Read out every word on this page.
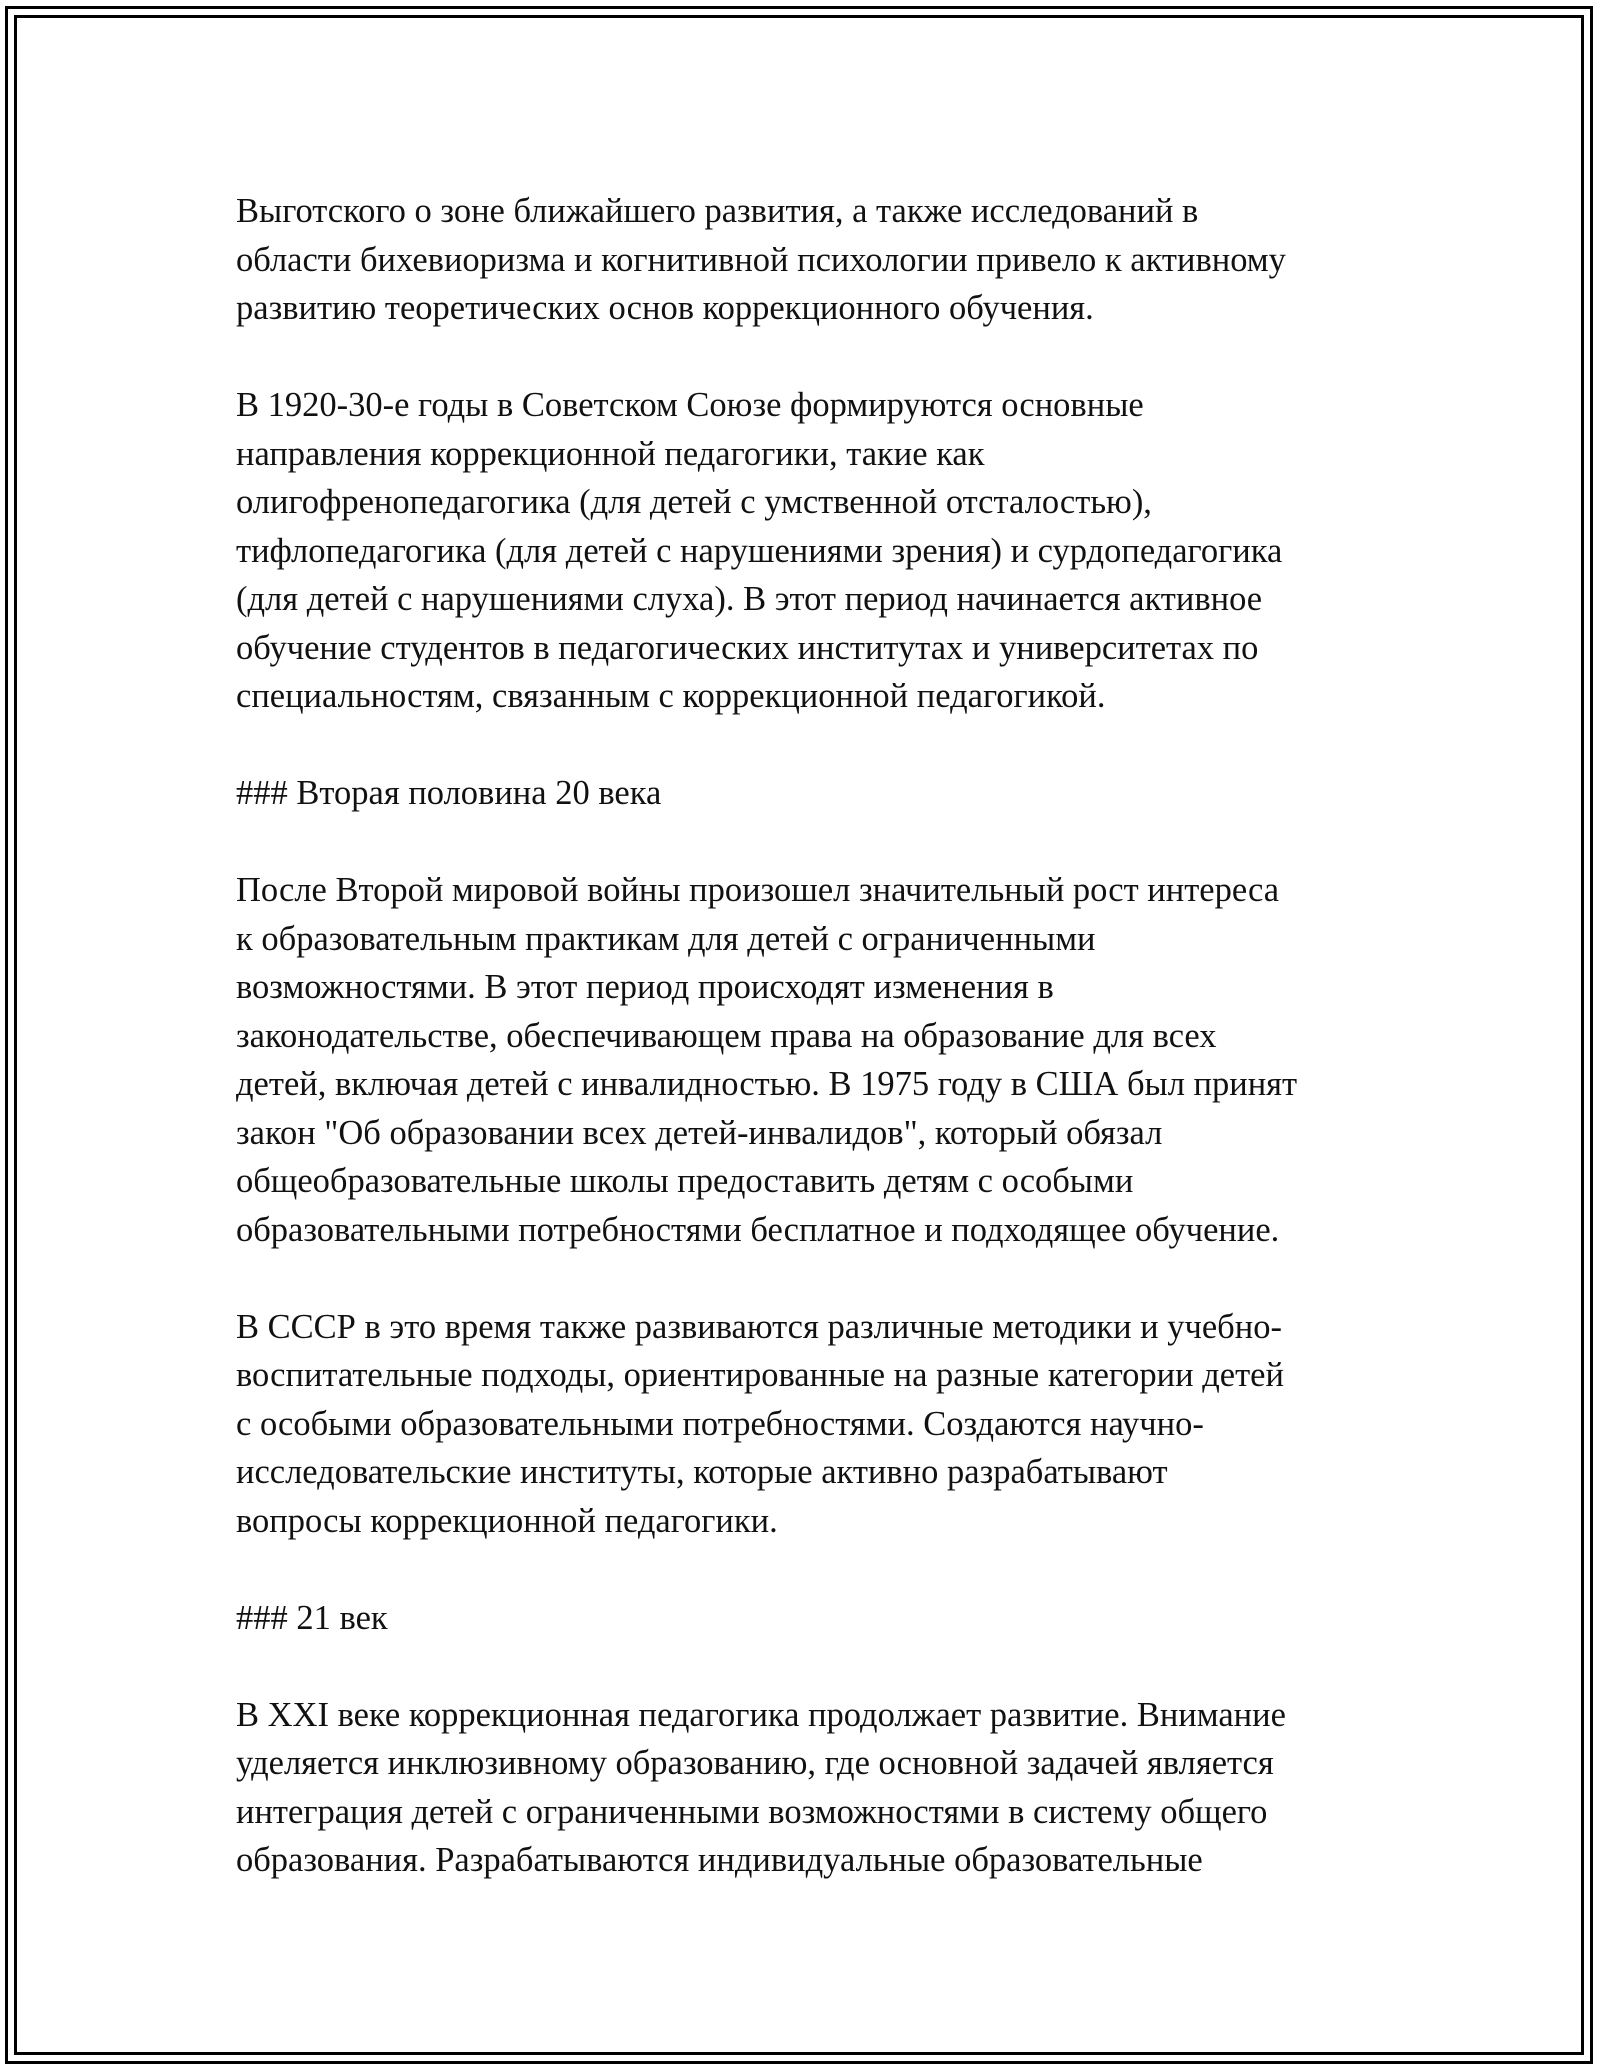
Выготского о зоне ближайшего развития, а также исследований в
области бихевиоризма и когнитивной психологии привело к активному
развитию теоретических основ коррекционного обучения.

В 1920-30-е годы в Советском Союзе формируются основные
направления коррекционной педагогики, такие как
олигофренопедагогика (для детей с умственной отсталостью),
тифлопедагогика (для детей с нарушениями зрения) и сурдопедагогика
(для детей с нарушениями слуха). В этот период начинается активное
обучение студентов в педагогических институтах и университетах по
специальностям, связанным с коррекционной педагогикой.

### Вторая половина 20 века

После Второй мировой войны произошел значительный рост интереса
к образовательным практикам для детей с ограниченными
возможностями. В этот период происходят изменения в
законодательстве, обеспечивающем права на образование для всех
детей, включая детей с инвалидностью. В 1975 году в США был принят
закон "Об образовании всех детей-инвалидов", который обязал
общеобразовательные школы предоставить детям с особыми
образовательными потребностями бесплатное и подходящее обучение.

В СССР в это время также развиваются различные методики и учебно-
воспитательные подходы, ориентированные на разные категории детей
с особыми образовательными потребностями. Создаются научно-
исследовательские институты, которые активно разрабатывают
вопросы коррекционной педагогики.

### 21 век

В XXI веке коррекционная педагогика продолжает развитие. Внимание
уделяется инклюзивному образованию, где основной задачей является
интеграция детей с ограниченными возможностями в систему общего
образования. Разрабатываются индивидуальные образовательные
